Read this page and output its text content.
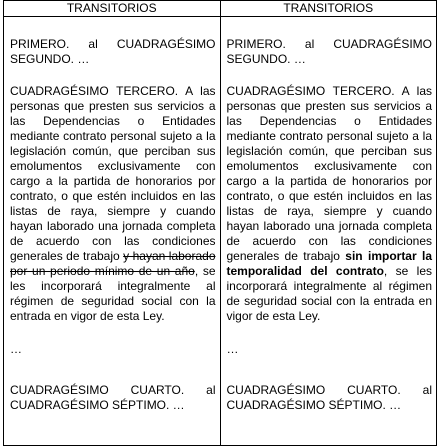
TRANSITORIOS	TRANSITORIOS

PRIMERO. al CUADRAGÉSIMO SEGUNDO. …

CUADRAGÉSIMO TERCERO. A las personas que presten sus servicios a las Dependencias o Entidades mediante contrato personal sujeto a la legislación común, que perciban sus emolumentos exclusivamente con cargo a la partida de honorarios por contrato, o que estén incluidos en las listas de raya, siempre y cuando hayan laborado una jornada completa de acuerdo con las condiciones generales de trabajo y hayan laborado por un periodo mínimo de un año, se les incorporará integralmente al régimen de seguridad social con la entrada en vigor de esta Ley.

…

CUADRAGÉSIMO CUARTO. al CUADRAGÉSIMO SÉPTIMO. …

PRIMERO. al CUADRAGÉSIMO SEGUNDO. …

CUADRAGÉSIMO TERCERO. A las personas que presten sus servicios a las Dependencias o Entidades mediante contrato personal sujeto a la legislación común, que perciban sus emolumentos exclusivamente con cargo a la partida de honorarios por contrato, o que estén incluidos en las listas de raya, siempre y cuando hayan laborado una jornada completa de acuerdo con las condiciones generales de trabajo sin importar la temporalidad del contrato, se les incorporará integralmente al régimen de seguridad social con la entrada en vigor de esta Ley.

…

CUADRAGÉSIMO CUARTO. al CUADRAGÉSIMO SÉPTIMO. …
